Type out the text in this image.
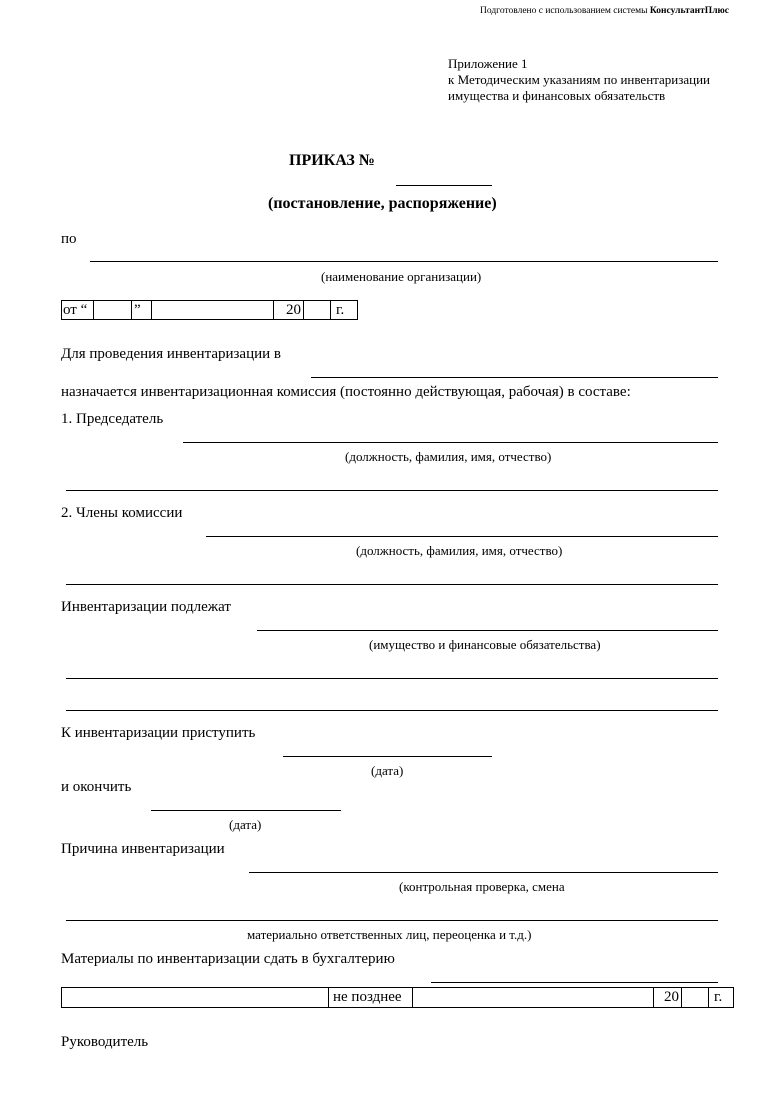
Подготовлено с использованием системы КонсультантПлюс
Приложение 1
к Методическим указаниям по инвентаризации
имущества и финансовых обязательств
ПРИКАЗ №
(постановление, распоряжение)
по
(наименование организации)
от “	”	20	г.
Для проведения инвентаризации в
назначается инвентаризационная комиссия (постоянно действующая, рабочая) в составе:
1. Председатель
(должность, фамилия, имя, отчество)
2. Члены комиссии
(должность, фамилия, имя, отчество)
Инвентаризации подлежат
(имущество и финансовые обязательства)
К инвентаризации приступить
(дата)
и окончить
(дата)
Причина инвентаризации
(контрольная проверка, смена
материально ответственных лиц, переоценка и т.д.)
Материалы по инвентаризации сдать в бухгалтерию
не позднее	20	г.
Руководитель
